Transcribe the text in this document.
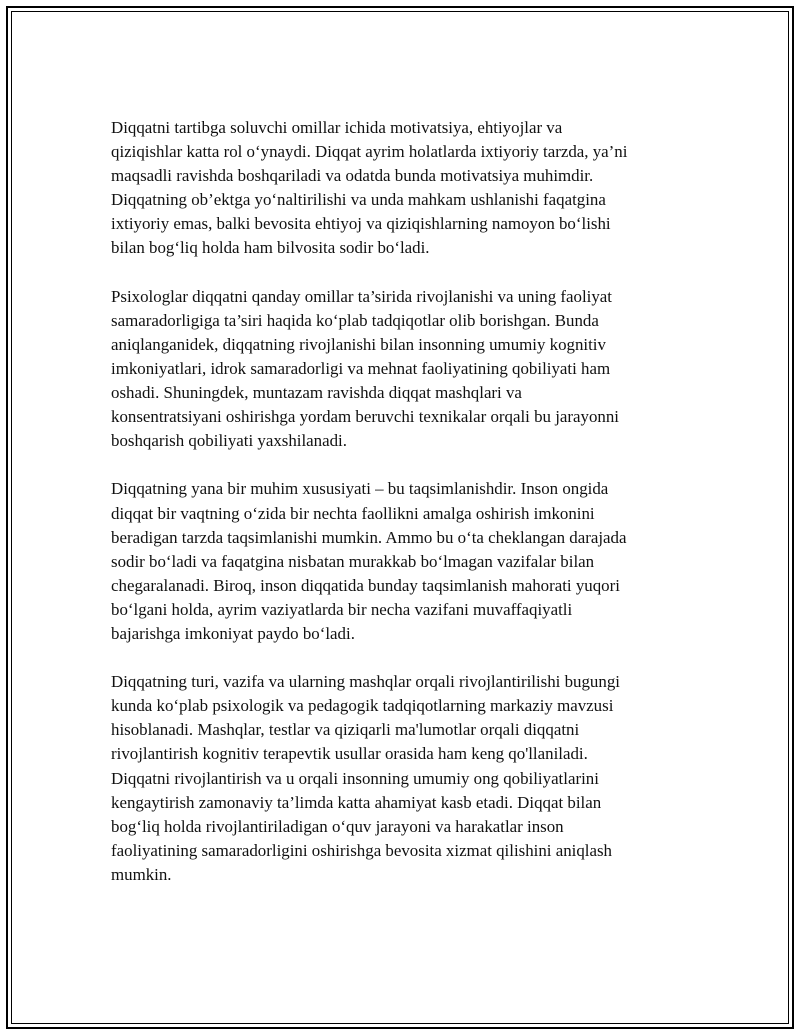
Diqqatni tartibga soluvchi omillar ichida motivatsiya, ehtiyojlar va
qiziqishlar katta rol o‘ynaydi. Diqqat ayrim holatlarda ixtiyoriy tarzda, ya’ni
maqsadli ravishda boshqariladi va odatda bunda motivatsiya muhimdir.
Diqqatning ob’ektga yo‘naltirilishi va unda mahkam ushlanishi faqatgina
ixtiyoriy emas, balki bevosita ehtiyoj va qiziqishlarning namoyon bo‘lishi
bilan bog‘liq holda ham bilvosita sodir bo‘ladi.

Psixologlar diqqatni qanday omillar ta’sirida rivojlanishi va uning faoliyat
samaradorligiga ta’siri haqida ko‘plab tadqiqotlar olib borishgan. Bunda
aniqlanganidek, diqqatning rivojlanishi bilan insonning umumiy kognitiv
imkoniyatlari, idrok samaradorligi va mehnat faoliyatining qobiliyati ham
oshadi. Shuningdek, muntazam ravishda diqqat mashqlari va
konsentratsiyani oshirishga yordam beruvchi texnikalar orqali bu jarayonni
boshqarish qobiliyati yaxshilanadi.

Diqqatning yana bir muhim xususiyati – bu taqsimlanishdir. Inson ongida
diqqat bir vaqtning o‘zida bir nechta faollikni amalga oshirish imkonini
beradigan tarzda taqsimlanishi mumkin. Ammo bu o‘ta cheklangan darajada
sodir bo‘ladi va faqatgina nisbatan murakkab bo‘lmagan vazifalar bilan
chegaralanadi. Biroq, inson diqqatida bunday taqsimlanish mahorati yuqori
bo‘lgani holda, ayrim vaziyatlarda bir necha vazifani muvaffaqiyatli
bajarishga imkoniyat paydo bo‘ladi.

Diqqatning turi, vazifa va ularning mashqlar orqali rivojlantirilishi bugungi
kunda ko‘plab psixologik va pedagogik tadqiqotlarning markaziy mavzusi
hisoblanadi. Mashqlar, testlar va qiziqarli ma'lumotlar orqali diqqatni
rivojlantirish kognitiv terapevtik usullar orasida ham keng qo'llaniladi.
Diqqatni rivojlantirish va u orqali insonning umumiy ong qobiliyatlarini
kengaytirish zamonaviy ta’limda katta ahamiyat kasb etadi. Diqqat bilan
bog‘liq holda rivojlantiriladigan o‘quv jarayoni va harakatlar inson
faoliyatining samaradorligini oshirishga bevosita xizmat qilishini aniqlash
mumkin.
